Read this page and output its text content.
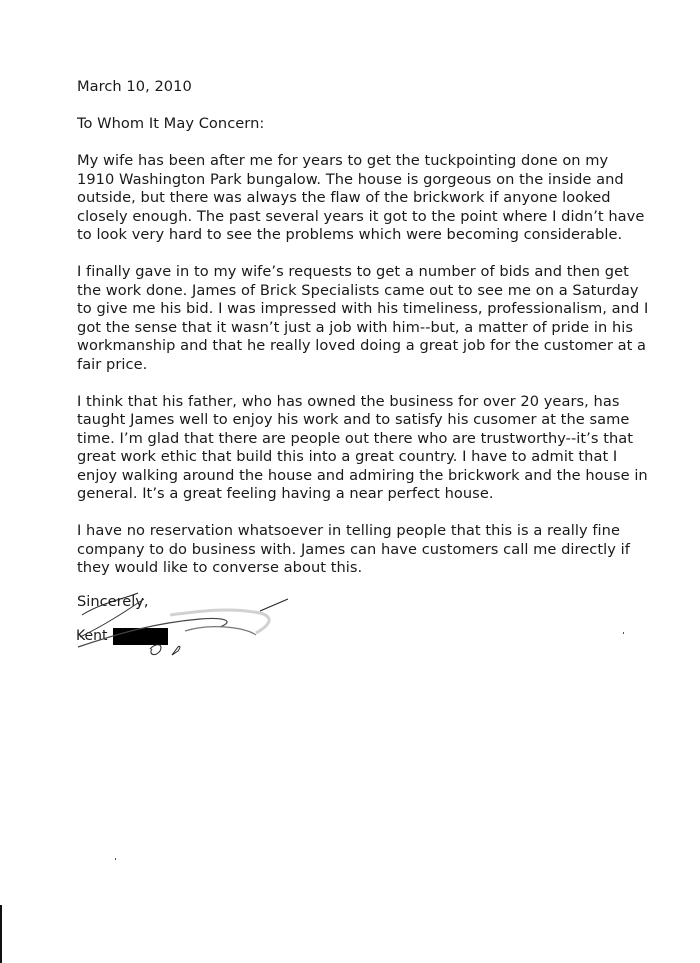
March 10, 2010
To Whom It May Concern:
My wife has been after me for years to get the tuckpointing done on my
1910 Washington Park bungalow. The house is gorgeous on the inside and
outside, but there was always the flaw of the brickwork if anyone looked
closely enough. The past several years it got to the point where I didn’t have
to look very hard to see the problems which were becoming considerable.
I finally gave in to my wife’s requests to get a number of bids and then get
the work done. James of Brick Specialists came out to see me on a Saturday
to give me his bid. I was impressed with his timeliness, professionalism, and I
got the sense that it wasn’t just a job with him--but, a matter of pride in his
workmanship and that he really loved doing a great job for the customer at a
fair price.
I think that his father, who has owned the business for over 20 years, has
taught James well to enjoy his work and to satisfy his cusomer at the same
time. I’m glad that there are people out there who are trustworthy--it’s that
great work ethic that build this into a great country. I have to admit that I
enjoy walking around the house and admiring the brickwork and the house in
general. It’s a great feeling having a near perfect house.
I have no reservation whatsoever in telling people that this is a really fine
company to do business with. James can have customers call me directly if
they would like to converse about this.
Sincerely,
Kent
